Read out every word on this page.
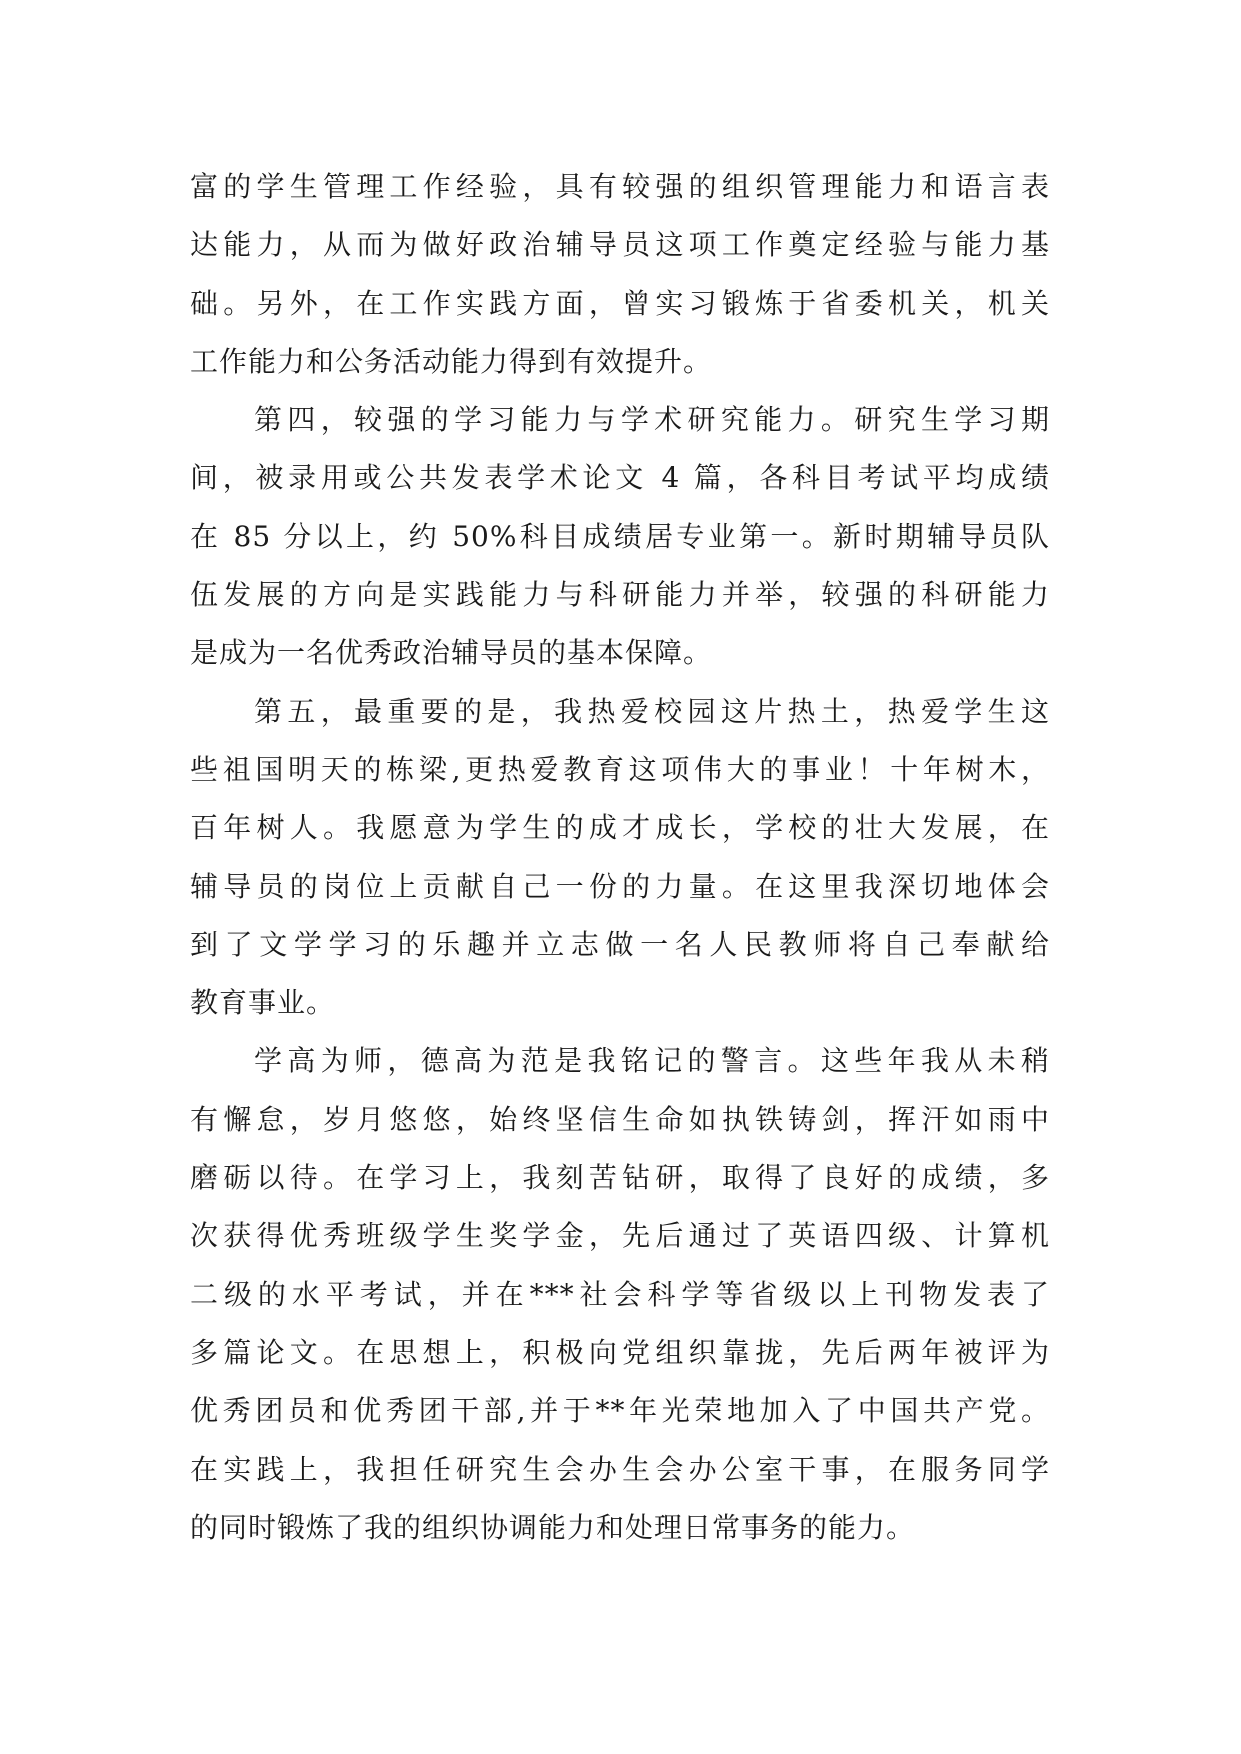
富的学生管理工作经验，具有较强的组织管理能力和语言表
达能力，从而为做好政治辅导员这项工作奠定经验与能力基
础。另外，在工作实践方面，曾实习锻炼于省委机关，机关
工作能力和公务活动能力得到有效提升。
第四，较强的学习能力与学术研究能力。研究生学习期
间，被录用或公共发表学术论文 4 篇，各科目考试平均成绩
在 85 分以上，约 50%科目成绩居专业第一。新时期辅导员队
伍发展的方向是实践能力与科研能力并举，较强的科研能力
是成为一名优秀政治辅导员的基本保障。
第五，最重要的是，我热爱校园这片热土，热爱学生这
些祖国明天的栋梁,更热爱教育这项伟大的事业！十年树木，
百年树人。我愿意为学生的成才成长，学校的壮大发展，在
辅导员的岗位上贡献自己一份的力量。在这里我深切地体会
到了文学学习的乐趣并立志做一名人民教师将自己奉献给
教育事业。
学高为师，德高为范是我铭记的警言。这些年我从未稍
有懈怠，岁月悠悠，始终坚信生命如执铁铸剑，挥汗如雨中
磨砺以待。在学习上，我刻苦钻研，取得了良好的成绩，多
次获得优秀班级学生奖学金，先后通过了英语四级、计算机
二级的水平考试，并在***社会科学等省级以上刊物发表了
多篇论文。在思想上，积极向党组织靠拢，先后两年被评为
优秀团员和优秀团干部,并于**年光荣地加入了中国共产党。
在实践上，我担任研究生会办生会办公室干事，在服务同学
的同时锻炼了我的组织协调能力和处理日常事务的能力。
